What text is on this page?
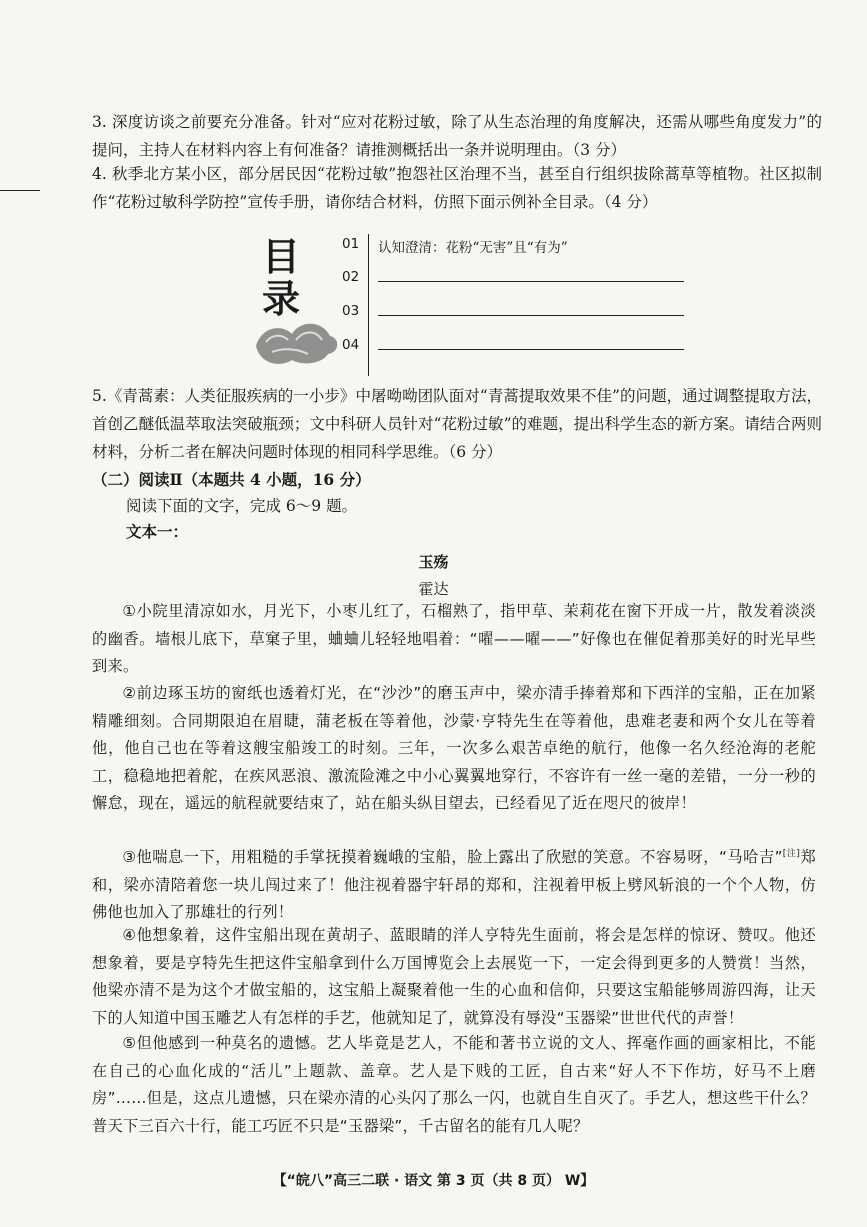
3. 深度访谈之前要充分准备。针对“应对花粉过敏，除了从生态治理的角度解决，还需从哪些角度发力”的提问，主持人在材料内容上有何准备？请推测概括出一条并说明理由。（3 分）
4. 秋季北方某小区，部分居民因“花粉过敏”抱怨社区治理不当，甚至自行组织拔除蒿草等植物。社区拟制作“花粉过敏科学防控”宣传手册，请你结合材料，仿照下面示例补全目录。（4 分）
目
录
01 认知澄清：花粉“无害”且“有为”
02
03
04
5.《青蒿素：人类征服疾病的一小步》中屠呦呦团队面对“青蒿提取效果不佳”的问题，通过调整提取方法，首创乙醚低温萃取法突破瓶颈；文中科研人员针对“花粉过敏”的难题，提出科学生态的新方案。请结合两则材料，分析二者在解决问题时体现的相同科学思维。（6 分）
（二）阅读Ⅱ（本题共 4 小题，16 分）
阅读下面的文字，完成 6～9 题。
文本一：
玉殇
霍达
①小院里清凉如水，月光下，小枣儿红了，石榴熟了，指甲草、茉莉花在窗下开成一片，散发着淡淡的幽香。墙根儿底下，草窠子里，蛐蛐儿轻轻地唱着：“嚁——嚁——”好像也在催促着那美好的时光早些到来。
②前边琢玉坊的窗纸也透着灯光，在“沙沙”的磨玉声中，梁亦清手捧着郑和下西洋的宝船，正在加紧精雕细刻。合同期限迫在眉睫，蒲老板在等着他，沙蒙·亨特先生在等着他，患难老妻和两个女儿在等着他，他自己也在等着这艘宝船竣工的时刻。三年，一次多么艰苦卓绝的航行，他像一名久经沧海的老舵工，稳稳地把着舵，在疾风恶浪、激流险滩之中小心翼翼地穿行，不容许有一丝一毫的差错，一分一秒的懈怠，现在，遥远的航程就要结束了，站在船头纵目望去，已经看见了近在咫尺的彼岸！
③他喘息一下，用粗糙的手掌抚摸着巍峨的宝船，脸上露出了欣慰的笑意。不容易呀，“马哈吉”[注]郑和，梁亦清陪着您一块儿闯过来了！他注视着器宇轩昂的郑和，注视着甲板上劈风斩浪的一个个人物，仿佛他也加入了那雄壮的行列！
④他想象着，这件宝船出现在黄胡子、蓝眼睛的洋人亨特先生面前，将会是怎样的惊讶、赞叹。他还想象着，要是亨特先生把这件宝船拿到什么万国博览会上去展览一下，一定会得到更多的人赞赏！当然，他梁亦清不是为这个才做宝船的，这宝船上凝聚着他一生的心血和信仰，只要这宝船能够周游四海，让天下的人知道中国玉雕艺人有怎样的手艺，他就知足了，就算没有辱没“玉器梁”世世代代的声誉！
⑤但他感到一种莫名的遗憾。艺人毕竟是艺人，不能和著书立说的文人、挥毫作画的画家相比，不能在自己的心血化成的“活儿”上题款、盖章。艺人是下贱的工匠，自古来“好人不下作坊，好马不上磨房”……但是，这点儿遗憾，只在梁亦清的心头闪了那么一闪，也就自生自灭了。手艺人，想这些干什么？普天下三百六十行，能工巧匠不只是“玉器梁”，千古留名的能有几人呢？
【“皖八”高三二联 · 语文 第 3 页（共 8 页） W】
